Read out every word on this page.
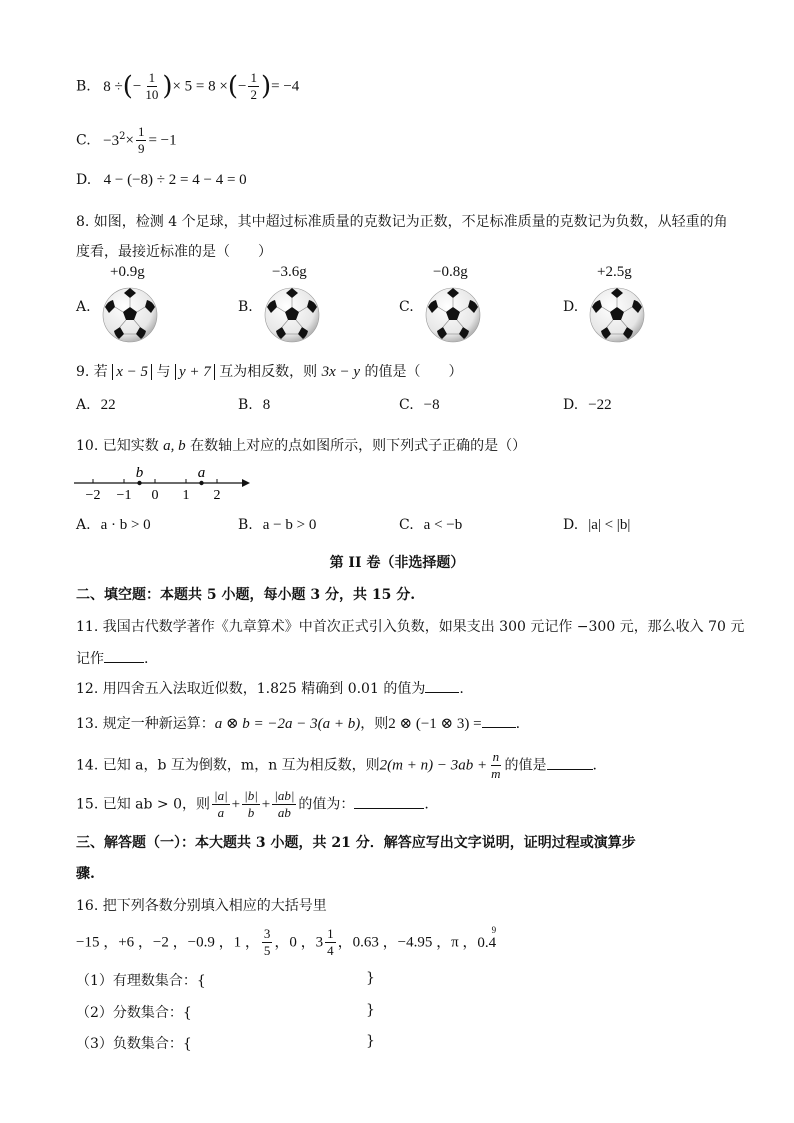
B. 8 ÷(− $\frac{1}{10}$ )× 5 = 8 ×(− $\frac{1}{2}$ )= −4
C. $-3^2\times \frac{1}{9} = -1$
D. 4 − (−8) ÷ 2 = 4 − 4 = 0
8. 如图，检测 4 个足球，其中超过标准质量的克数记为正数，不足标准质量的克数记为负数，从轻重的角
度看，最接近标准的是（　　）
A.
+0.9g
B.
−3.6g
C.
−0.8g
D.
+2.5g
9. 若 x − 5 与 y + 7 互为相反数，则 3x − y 的值是（　　）
A. 22	B. 8	C. −8	D. −22
10. 已知实数 a, b 在数轴上对应的点如图所示，则下列式子正确的是（）
−2 −1 0 1 2
b	a
A. a · b > 0	B. a − b > 0	C. a < −b	D. |a| < |b|
第 II 卷（非选择题）
二、填空题：本题共 5 小题，每小题 3 分，共 15 分.
11. 我国古代数学著作《九章算术》中首次正式引入负数，如果支出 300 元记作 −300 元，那么收入 70 元
记作	.
12. 用四舍五入法取近似数，1.825 精确到 0.01 的值为 .
13. 规定一种新运算：a ⊗ b = −2a − 3(a + b)，则2 ⊗ (−1 ⊗ 3) = .
14. 已知 a，b 互为倒数，m，n 互为相反数，则$2(m + n) - 3ab + \frac{n}{m}$ 的值是	.
15. 已知 ab > 0，则 $\frac{|a|}{a} + \frac{|b|}{b} + \frac{|ab|}{ab}$ 的值为：	.
三、解答题（一）：本大题共 3 小题，共 21 分．解答应写出文字说明，证明过程或演算步
骤.
16. 把下列各数分别填入相应的大括号里
−15 ，+6 ，−2 ，−0.9 ，1 ， $\frac{3}{5}$ ，0 ，$3 \frac{1}{4}$ ，0.63 ，−4.95 ，π ，0.4
9
（1）有理数集合：{	}
（2）分数集合：{	}
（3）负数集合：{	}
